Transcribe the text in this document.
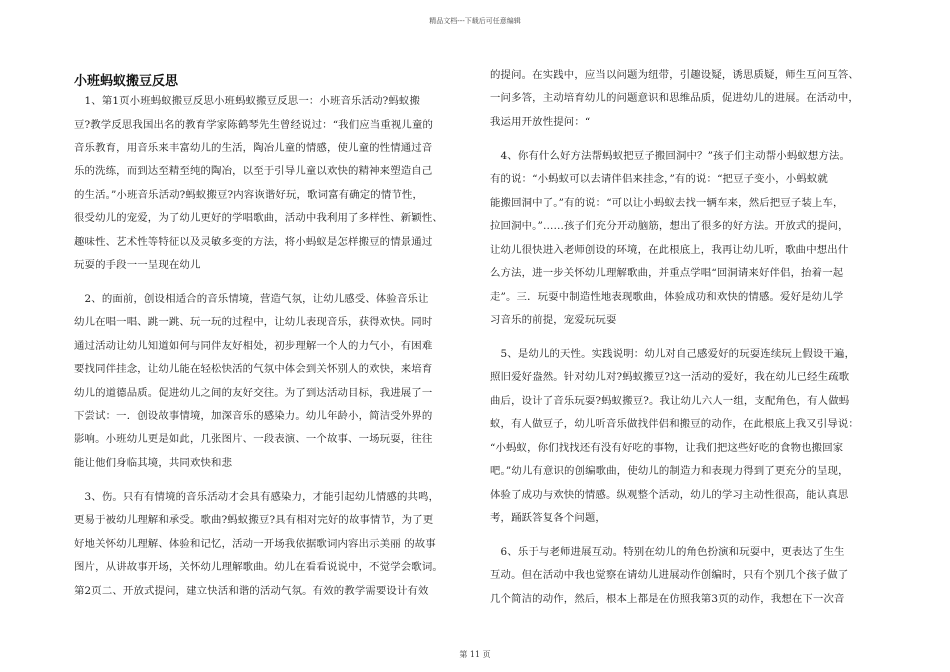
精品文档---下载后可任意编辑
小班蚂蚁搬豆反思
　1、第1页小班蚂蚁搬豆反思小班蚂蚁搬豆反思一：小班音乐活动?蚂蚁搬
豆?教学反思我国出名的教育学家陈鹤琴先生曾经说过：“我们应当重视儿童的
音乐教育，用音乐来丰富幼儿的生活，陶冶儿童的情感，使儿童的性情通过音
乐的洗练，而到达至精至纯的陶冶，以至于引导儿童以欢快的精神来塑造自己
的生活。”小班音乐活动?蚂蚁搬豆?内容诙谐好玩，歌词富有确定的情节性，
很受幼儿的宠爱，为了幼儿更好的学唱歌曲，活动中我利用了多样性、新颖性、
趣味性、艺术性等特征以及灵敏多变的方法，将小蚂蚁是怎样搬豆的情景通过
玩耍的手段一一呈现在幼儿
　2、的面前，创设相适合的音乐情境，营造气氛，让幼儿感受、体验音乐让
幼儿在唱一唱、跳一跳、玩一玩的过程中，让幼儿表现音乐，获得欢快。同时
通过活动让幼儿知道如何与同伴友好相处，初步理解一个人的力气小，有困难
要找同伴挂念，让幼儿能在轻松快活的气氛中体会到关怀别人的欢快，来培育
幼儿的道德品质。促进幼儿之间的友好交往。为了到达活动目标，我进展了一
下尝试：一．创设故事情境，加深音乐的感染力。幼儿年龄小，简洁受外界的
影响。小班幼儿更是如此，几张图片、一段表演、一个故事、一场玩耍，往往
能让他们身临其境，共同欢快和悲
　3、伤。只有有情境的音乐活动才会具有感染力，才能引起幼儿情感的共鸣，
更易于被幼儿理解和承受。歌曲?蚂蚁搬豆?具有相对完好的故事情节，为了更
好地关怀幼儿理解、体验和记忆，活动一开场我依据歌词内容出示美丽 的故事
图片，从讲故事开场，关怀幼儿理解歌曲。幼儿在看看说说中，不觉学会歌词。
第2页二、开放式提问，建立快活和谐的活动气氛。有效的教学需要设计有效
的提问。在实践中，应当以问题为纽带，引趣设疑，诱思质疑，师生互问互答、
一问多答，主动培育幼儿的问题意识和思维品质，促进幼儿的进展。在活动中，
我运用开放性提问：“
　4、你有什么好方法帮蚂蚁把豆子搬回洞中？”孩子们主动帮小蚂蚁想方法。
有的说：“小蚂蚁可以去请伴侣来挂念，”有的说：“把豆子变小，小蚂蚁就
能搬回洞中了。”有的说：“可以让小蚂蚁去找一辆车来，然后把豆子装上车，
拉回洞中。”……孩子们充分开动脑筋，想出了很多的好方法。开放式的提问，
让幼儿很快进入老师创设的环境，在此根底上，我再让幼儿听，歌曲中想出什
么方法，进一步关怀幼儿理解歌曲，并重点学唱“回洞请来好伴侣，抬着一起
走”。三．玩耍中制造性地表现歌曲，体验成功和欢快的情感。爱好是幼儿学
习音乐的前提，宠爱玩玩耍
　5、是幼儿的天性。实践说明：幼儿对自己感爱好的玩耍连续玩上假设干遍，
照旧爱好盎然。针对幼儿对?蚂蚁搬豆?这一活动的爱好，我在幼儿已经生疏歌
曲后，设计了音乐玩耍?蚂蚁搬豆?。我让幼儿六人一组，支配角色，有人做蚂
蚁，有人做豆子，幼儿听音乐做找伴侣和搬豆的动作，在此根底上我又引导说：
“小蚂蚁，你们找找还有没有好吃的事物，让我们把这些好吃的食物也搬回家
吧。”幼儿有意识的创编歌曲，使幼儿的制造力和表现力得到了更充分的呈现，
体验了成功与欢快的情感。纵观整个活动，幼儿的学习主动性很高，能认真思
考，踊跃答复各个问题，
　6、乐于与老师进展互动。特别在幼儿的角色扮演和玩耍中，更表达了生生
互动。但在活动中我也觉察在请幼儿进展动作创编时，只有个别几个孩子做了
几个简洁的动作，然后，根本上都是在仿照我第3页的动作，我想在下一次音
第 11 页
